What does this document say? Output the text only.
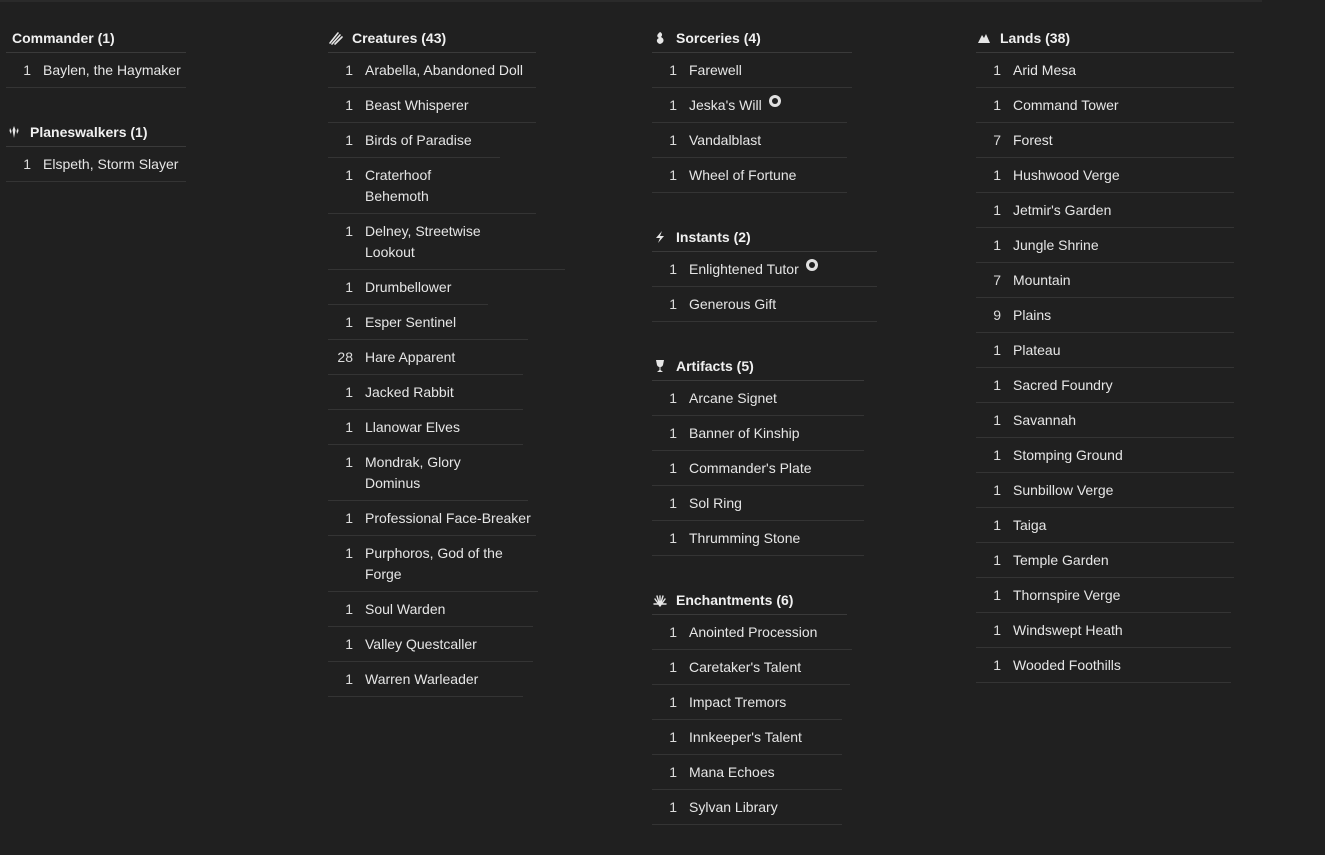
Commander (1)
1 Baylen, the Haymaker
Planeswalkers (1)
1 Elspeth, Storm Slayer
Creatures (43)
1 Arabella, Abandoned Doll
1 Beast Whisperer
1 Birds of Paradise
1 Craterhoof Behemoth
1 Delney, Streetwise Lookout
1 Drumbellower
1 Esper Sentinel
28 Hare Apparent
1 Jacked Rabbit
1 Llanowar Elves
1 Mondrak, Glory Dominus
1 Professional Face-Breaker
1 Purphoros, God of the Forge
1 Soul Warden
1 Valley Questcaller
1 Warren Warleader
Sorceries (4)
1 Farewell
1 Jeska's Will
1 Vandalblast
1 Wheel of Fortune
Instants (2)
1 Enlightened Tutor
1 Generous Gift
Artifacts (5)
1 Arcane Signet
1 Banner of Kinship
1 Commander's Plate
1 Sol Ring
1 Thrumming Stone
Enchantments (6)
1 Anointed Procession
1 Caretaker's Talent
1 Impact Tremors
1 Innkeeper's Talent
1 Mana Echoes
1 Sylvan Library
Lands (38)
1 Arid Mesa
1 Command Tower
7 Forest
1 Hushwood Verge
1 Jetmir's Garden
1 Jungle Shrine
7 Mountain
9 Plains
1 Plateau
1 Sacred Foundry
1 Savannah
1 Stomping Ground
1 Sunbillow Verge
1 Taiga
1 Temple Garden
1 Thornspire Verge
1 Windswept Heath
1 Wooded Foothills
